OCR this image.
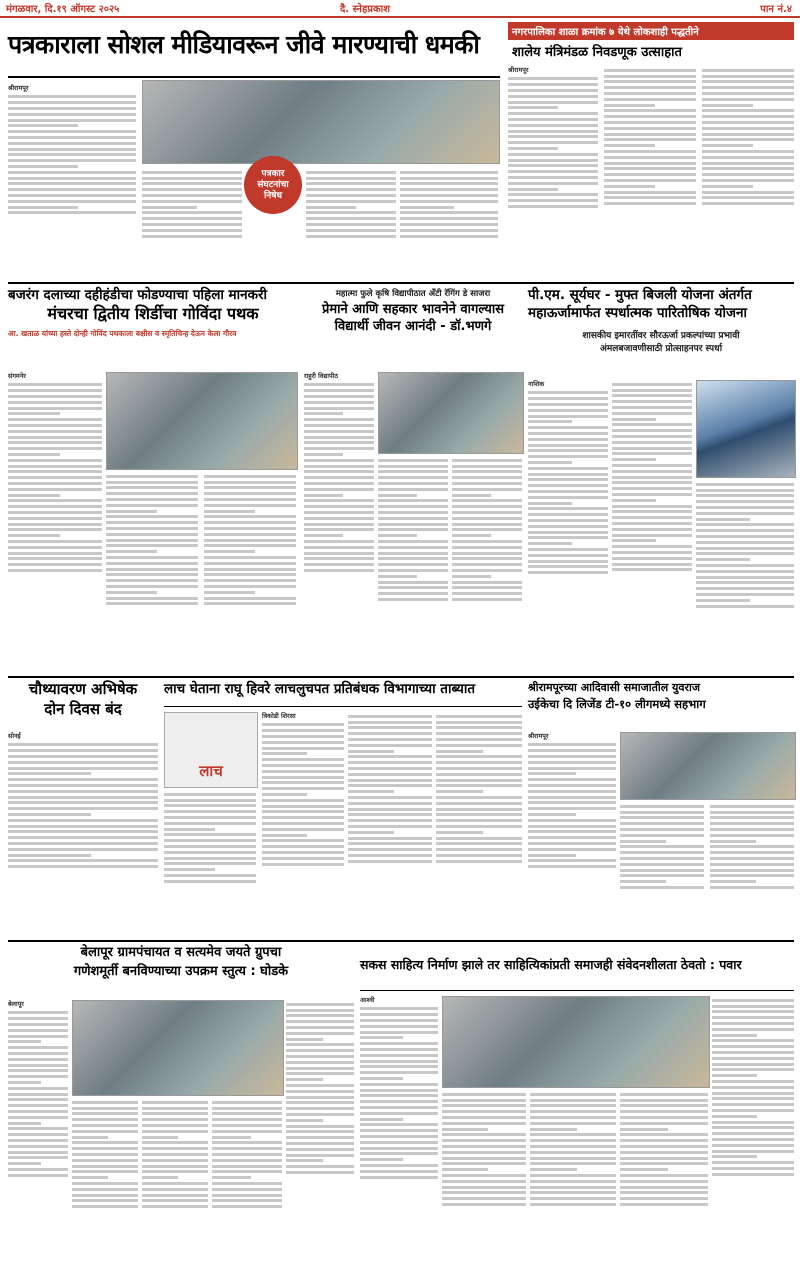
मंगळवार, दि.१९ ऑगस्ट २०२५	दै. स्नेहप्रकाश	पान नं.४
पत्रकाराला सोशल मीडियावरून जीवे मारण्याची धमकी
श्रीरामपूर
पत्रकार संघटनांचा निषेध
नगरपालिका शाळा क्रमांक ७ येथे लोकशाही पद्धतीने
शालेय मंत्रिमंडळ निवडणूक उत्साहात
श्रीरामपूर
बजरंग दलाच्या दहीहंडीचा फोडण्याचा पहिला मानकरी
मंचरचा द्वितीय शिर्डीचा गोविंदा पथक
आ. खताळ यांच्या हस्ते दोन्ही गोविंद पथकाला बक्षीस व स्मृतिचिन्ह देऊन केला गौरव
संगमनेर
महात्मा फुले कृषि विद्यापीठात अँटी रॅगिंग डे साजरा
प्रेमाने आणि सहकार भावनेने वागल्यास
विद्यार्थी जीवन आनंदी - डॉ.भणगे
राहुरी विद्यापीठ
पी.एम. सूर्यघर - मुफ्त बिजली योजना अंतर्गत
महाऊर्जामार्फत स्पर्धात्मक पारितोषिक योजना
शासकीय इमारतींवर सौरऊर्जा प्रकल्पांच्या प्रभावी
अंमलबजावणीसाठी प्रोत्साहनपर स्पर्धा
नाशिक
चौथ्यावरण अभिषेक
दोन दिवस बंद
सोनई
लाच घेताना राघू हिवरे लाचलुचपत प्रतिबंधक विभागाच्या ताब्यात
लाच
त्रिकोडी शिरसा
श्रीरामपूरच्या आदिवासी समाजातील युवराज
उईकेचा दि लिजेंड टी-१० लीगमध्ये सहभाग
श्रीरामपूर
बेलापूर ग्रामपंचायत व सत्यमेव जयते ग्रुपचा
गणेशमूर्ती बनविण्याच्या उपक्रम स्तुत्य : घोडके
बेलापूर
सकस साहित्य निर्माण झाले तर साहित्यिकांप्रती समाजही संवेदनशीलता ठेवतो : पवार
आश्वी
